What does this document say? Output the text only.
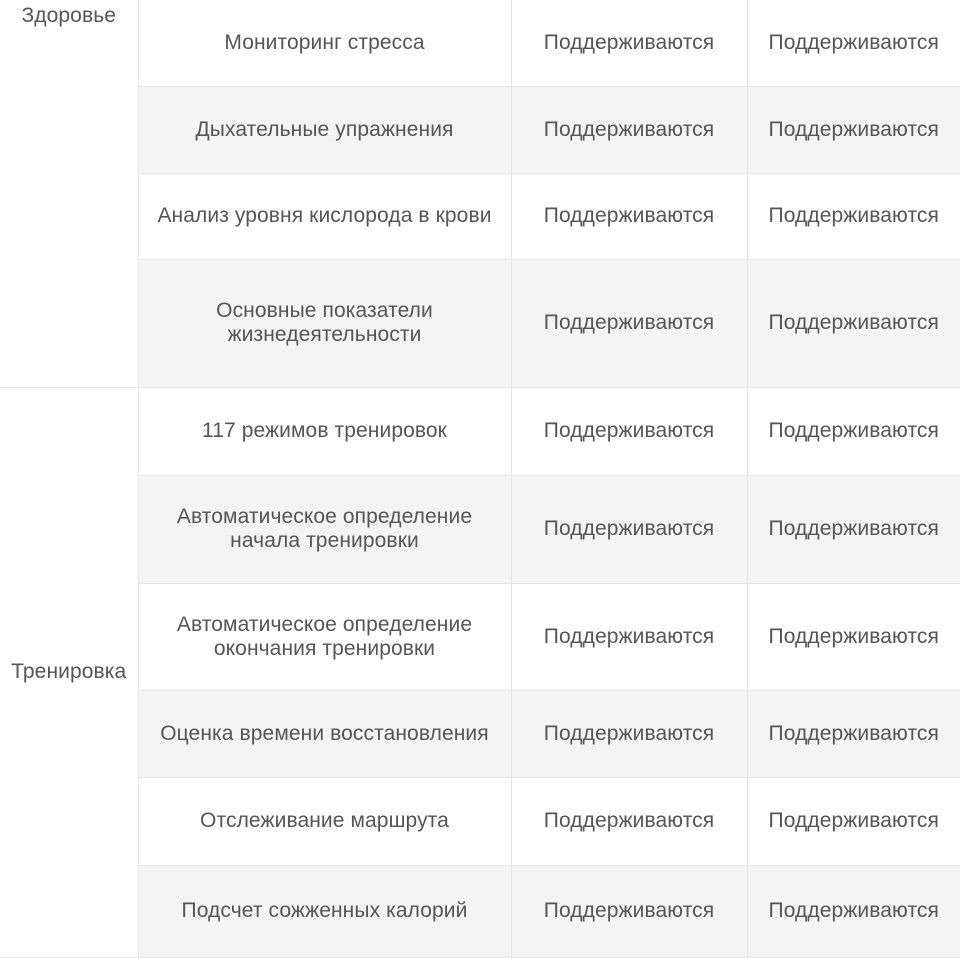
Здоровье	Мониторинг стресса	Поддерживаются	Поддерживаются
	Дыхательные упражнения	Поддерживаются	Поддерживаются
	Анализ уровня кислорода в крови	Поддерживаются	Поддерживаются
	Основные показатели жизнедеятельности	Поддерживаются	Поддерживаются
Тренировка	117 режимов тренировок	Поддерживаются	Поддерживаются
	Автоматическое определение начала тренировки	Поддерживаются	Поддерживаются
	Автоматическое определение окончания тренировки	Поддерживаются	Поддерживаются
	Оценка времени восстановления	Поддерживаются	Поддерживаются
	Отслеживание маршрута	Поддерживаются	Поддерживаются
	Подсчет сожженных калорий	Поддерживаются	Поддерживаются
